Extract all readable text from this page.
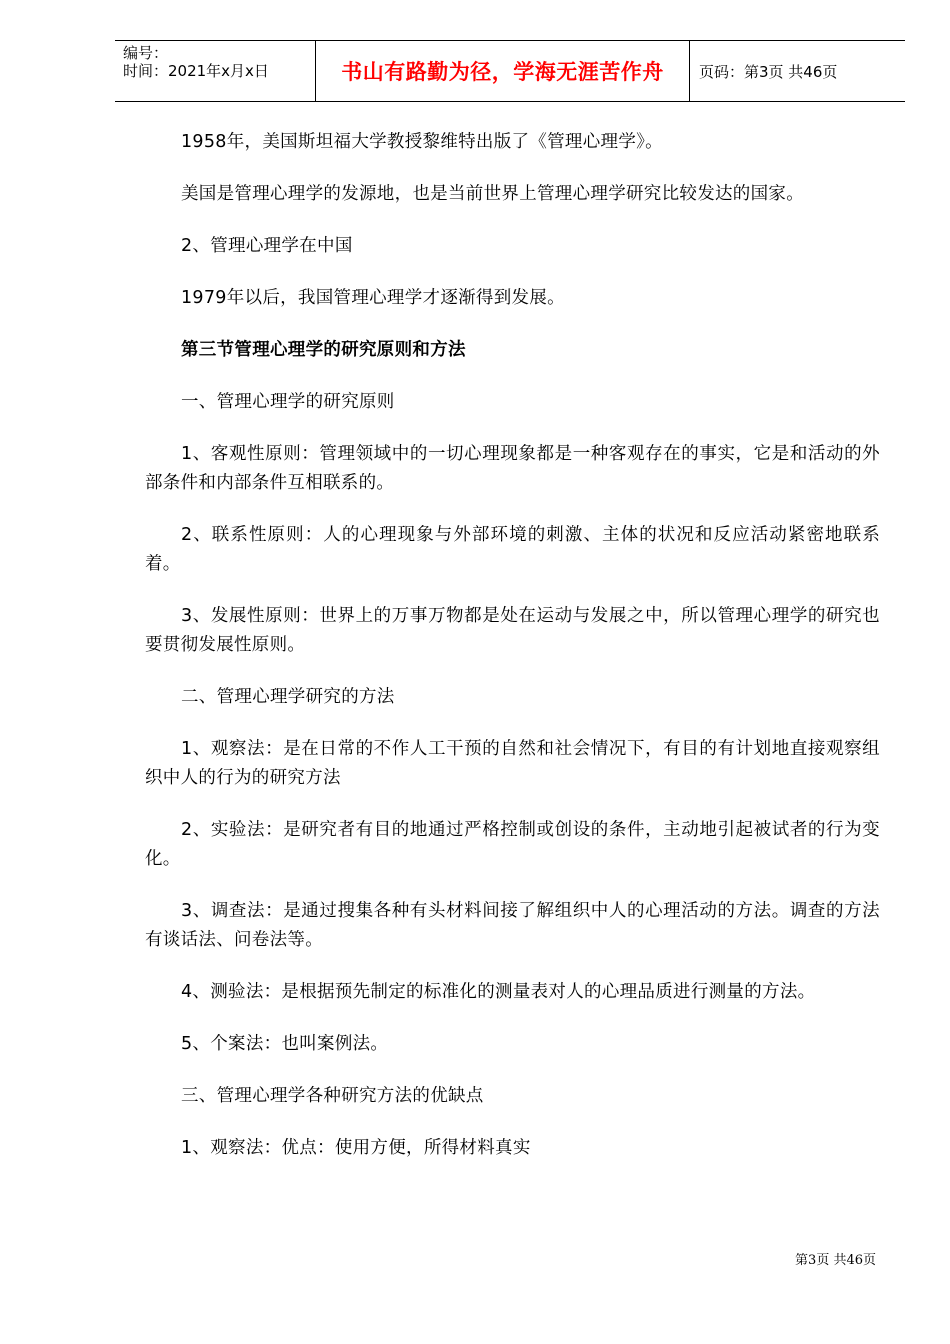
编号：
时间：2021年x月x日	书山有路勤为径，学海无涯苦作舟 页码：第3页 共46页

1958年，美国斯坦福大学教授黎维特出版了《管理心理学》。

美国是管理心理学的发源地，也是当前世界上管理心理学研究比较发达的国家。

2、管理心理学在中国

1979年以后，我国管理心理学才逐渐得到发展。

第三节管理心理学的研究原则和方法

一、管理心理学的研究原则

1、客观性原则：管理领域中的一切心理现象都是一种客观存在的事实，它是和活动的外部条件和内部条件互相联系的。

2、联系性原则：人的心理现象与外部环境的刺激、主体的状况和反应活动紧密地联系着。

3、发展性原则：世界上的万事万物都是处在运动与发展之中，所以管理心理学的研究也要贯彻发展性原则。

二、管理心理学研究的方法

1、观察法：是在日常的不作人工干预的自然和社会情况下，有目的有计划地直接观察组织中人的行为的研究方法

2、实验法：是研究者有目的地通过严格控制或创设的条件，主动地引起被试者的行为变化。

3、调查法：是通过搜集各种有头材料间接了解组织中人的心理活动的方法。调查的方法有谈话法、问卷法等。

4、测验法：是根据预先制定的标准化的测量表对人的心理品质进行测量的方法。

5、个案法：也叫案例法。

三、管理心理学各种研究方法的优缺点

1、观察法：优点：使用方便，所得材料真实

第3页 共46页
